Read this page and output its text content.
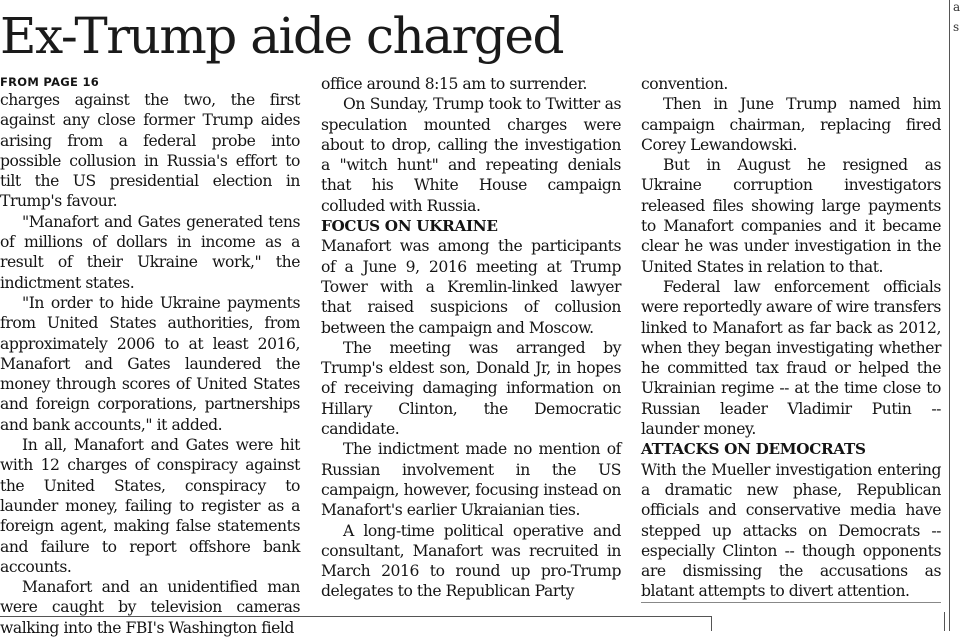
Ex-Trump aide charged
FROM PAGE 16

charges against the two, the first against any close former Trump aides arising from a federal probe into possible collusion in Russia's effort to tilt the US presidential election in Trump's favour.

"Manafort and Gates generated tens of millions of dollars in income as a result of their Ukraine work," the indictment states.

"In order to hide Ukraine payments from United States authorities, from approximately 2006 to at least 2016, Manafort and Gates laundered the money through scores of United States and foreign corporations, partnerships and bank accounts," it added.

In all, Manafort and Gates were hit with 12 charges of conspiracy against the United States, conspiracy to launder money, failing to register as a foreign agent, making false statements and failure to report offshore bank accounts.

Manafort and an unidentified man were caught by television cameras walking into the FBI's Washington field

office around 8:15 am to surrender.

On Sunday, Trump took to Twitter as speculation mounted charges were about to drop, calling the investigation a "witch hunt" and repeating denials that his White House campaign colluded with Russia.

FOCUS ON UKRAINE

Manafort was among the participants of a June 9, 2016 meeting at Trump Tower with a Kremlin-linked lawyer that raised suspicions of collusion between the campaign and Moscow.

The meeting was arranged by Trump's eldest son, Donald Jr, in hopes of receiving damaging information on Hillary Clinton, the Democratic candidate.

The indictment made no mention of Russian involvement in the US campaign, however, focusing instead on Manafort's earlier Ukraianian ties.

A long-time political operative and consultant, Manafort was recruited in March 2016 to round up pro-Trump delegates to the Republican Party

convention.

Then in June Trump named him campaign chairman, replacing fired Corey Lewandowski.

But in August he resigned as Ukraine corruption investigators released files showing large payments to Manafort companies and it became clear he was under investigation in the United States in relation to that.

Federal law enforcement officials were reportedly aware of wire transfers linked to Manafort as far back as 2012, when they began investigating whether he committed tax fraud or helped the Ukrainian regime -- at the time close to Russian leader Vladimir Putin -- launder money.

ATTACKS ON DEMOCRATS

With the Mueller investigation entering a dramatic new phase, Republican officials and conservative media have stepped up attacks on Democrats -- especially Clinton -- though opponents are dismissing the accusations as blatant attempts to divert attention.

a
s
